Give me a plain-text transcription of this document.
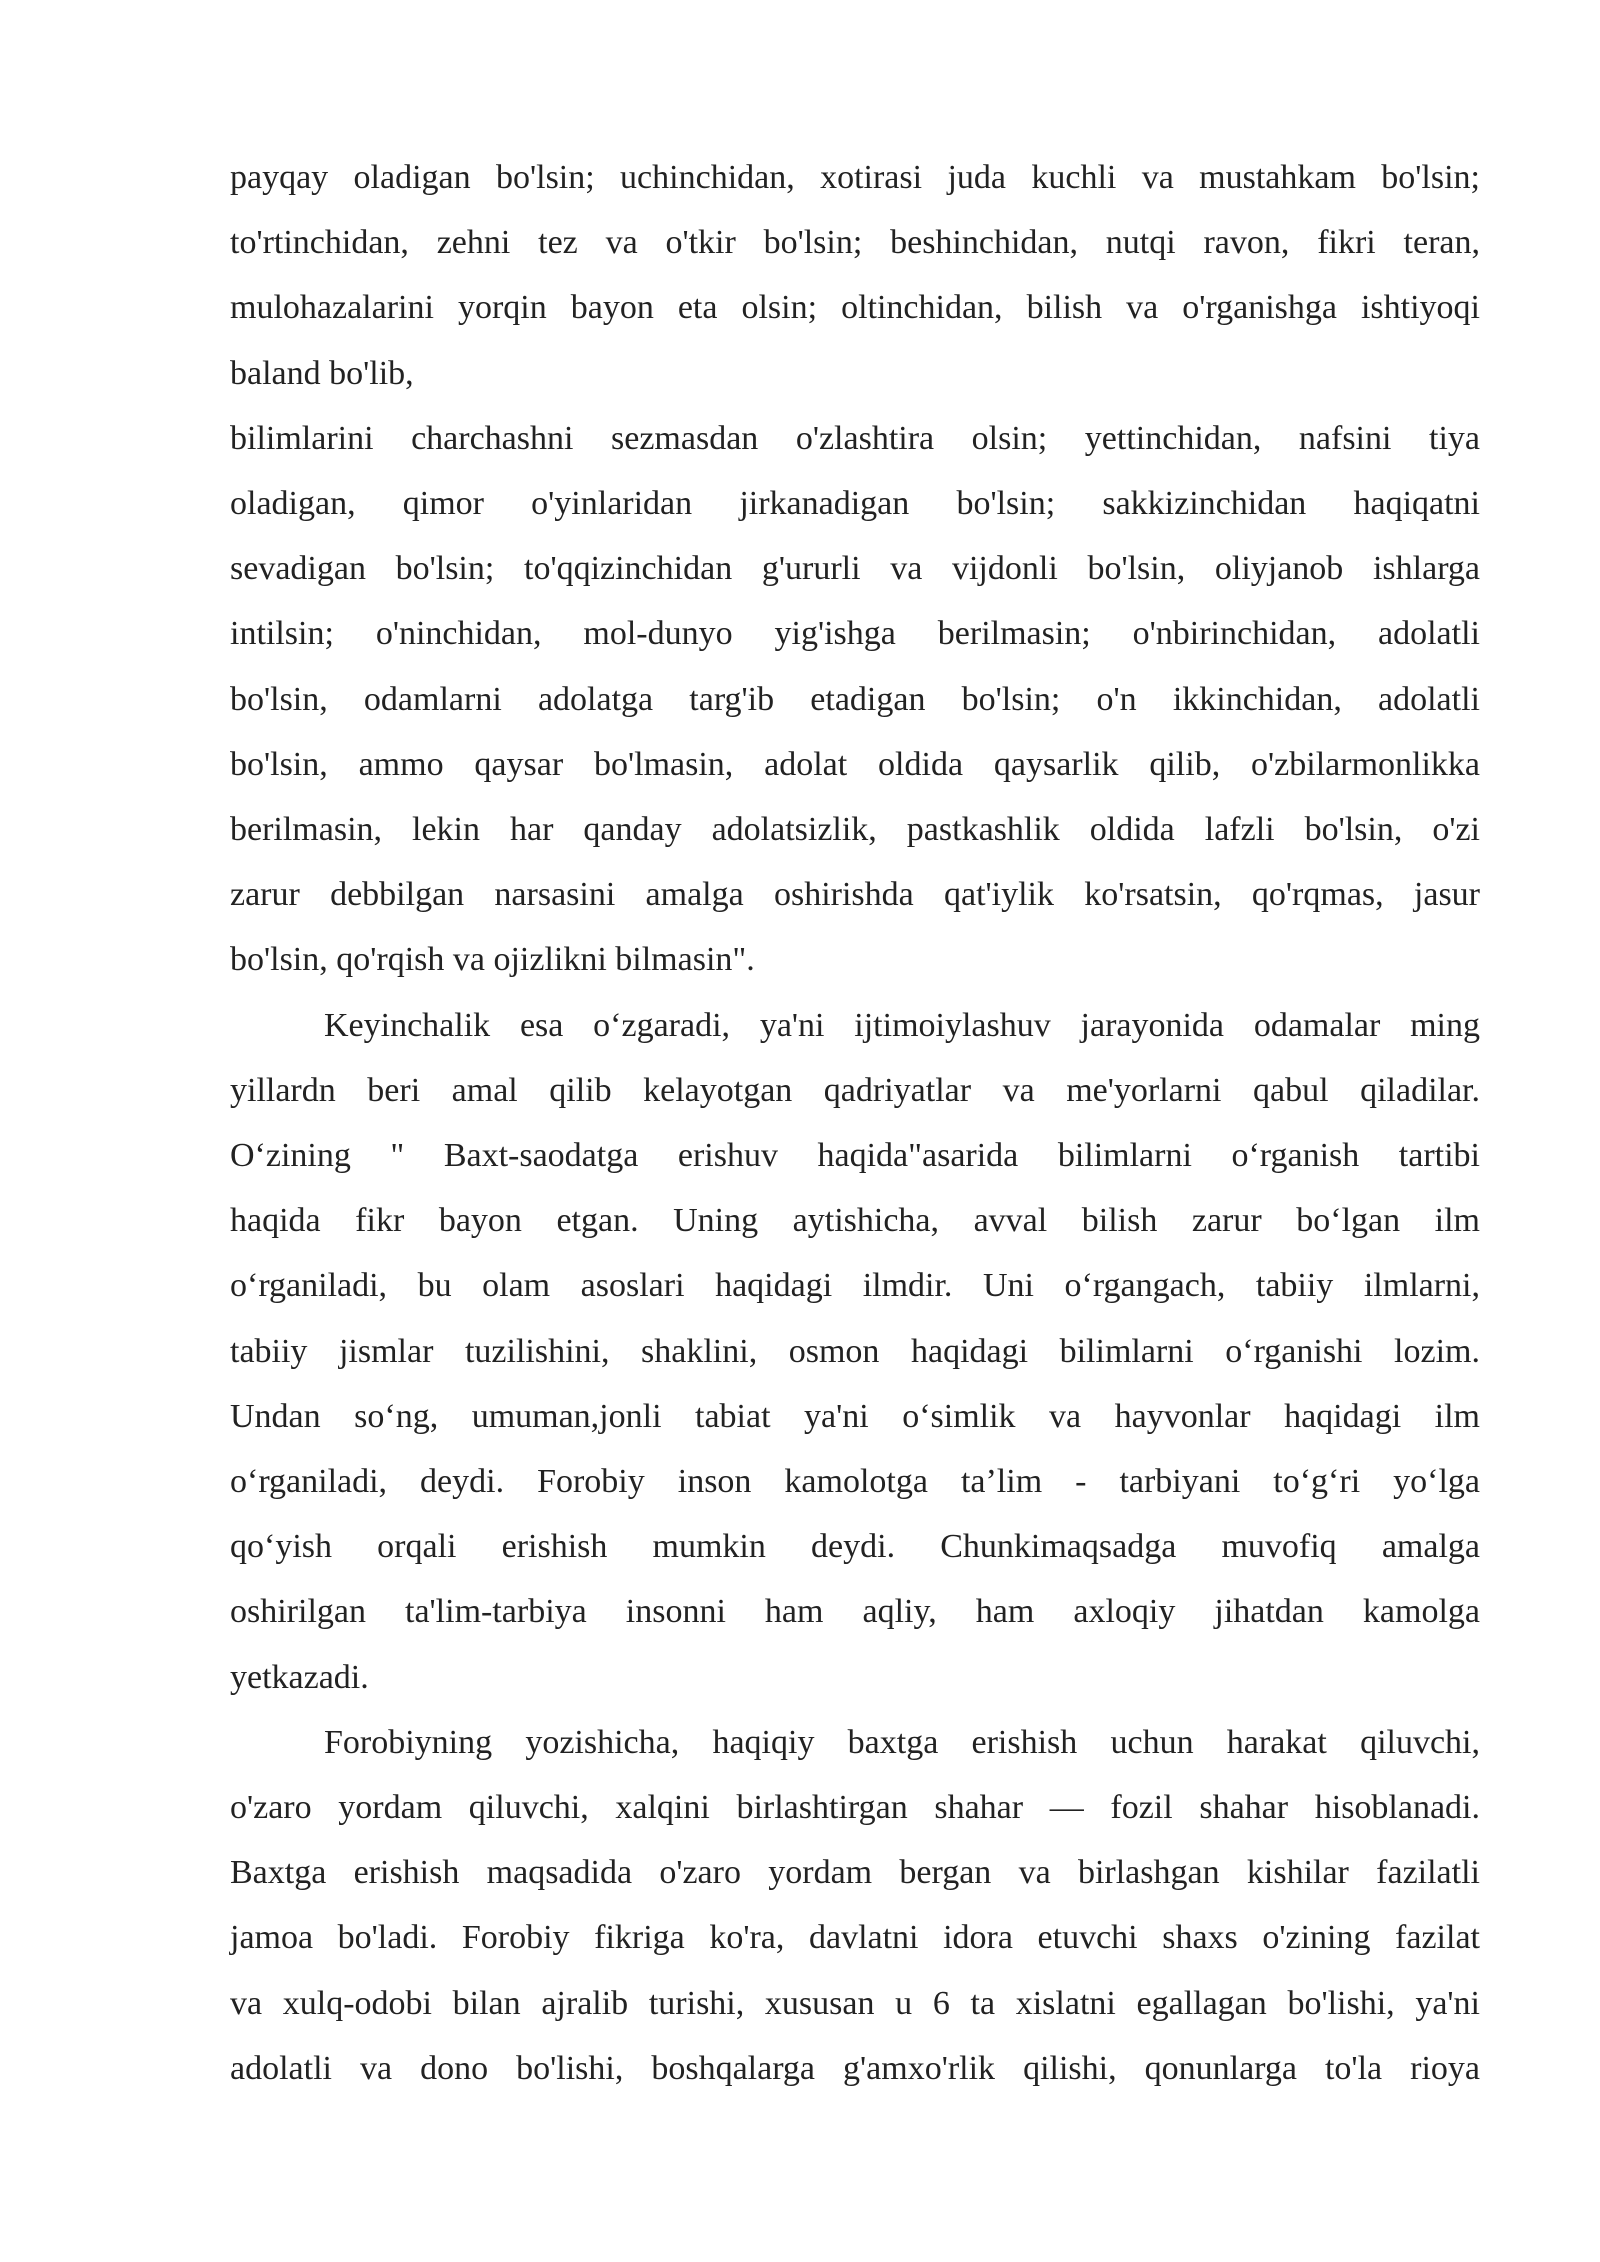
payqay oladigan bo'lsin; uchinchidan, xotirasi juda kuchli va mustahkam bo'lsin;
to'rtinchidan, zehni tez va o'tkir bo'lsin; beshinchidan, nutqi ravon, fikri teran,
mulohazalarini yorqin bayon eta olsin; oltinchidan, bilish va o'rganishga ishtiyoqi
baland bo'lib,
bilimlarini charchashni sezmasdan o'zlashtira olsin; yettinchidan, nafsini tiya
oladigan, qimor o'yinlaridan jirkanadigan bo'lsin; sakkizinchidan haqiqatni
sevadigan bo'lsin; to'qqizinchidan g'ururli va vijdonli bo'lsin, oliyjanob ishlarga
intilsin; o'ninchidan, mol-dunyo yig'ishga berilmasin; o'nbirinchidan, adolatli
bo'lsin, odamlarni adolatga targ'ib etadigan bo'lsin; o'n ikkinchidan, adolatli
bo'lsin, ammo qaysar bo'lmasin, adolat oldida qaysarlik qilib, o'zbilarmonlikka
berilmasin, lekin har qanday adolatsizlik, pastkashlik oldida lafzli bo'lsin, o'zi
zarur debbilgan narsasini amalga oshirishda qat'iylik ko'rsatsin, qo'rqmas, jasur
bo'lsin, qo'rqish va ojizlikni bilmasin".
Keyinchalik esa o‘zgaradi, ya'ni ijtimoiylashuv jarayonida odamalar ming
yillardn beri amal qilib kelayotgan qadriyatlar va me'yorlarni qabul qiladilar.
O‘zining " Baxt-saodatga erishuv haqida"asarida bilimlarni o‘rganish tartibi
haqida fikr bayon etgan. Uning aytishicha, avval bilish zarur bo‘lgan ilm
o‘rganiladi, bu olam asoslari haqidagi ilmdir. Uni o‘rgangach, tabiiy ilmlarni,
tabiiy jismlar tuzilishini, shaklini, osmon haqidagi bilimlarni o‘rganishi lozim.
Undan so‘ng, umuman,jonli tabiat ya'ni o‘simlik va hayvonlar haqidagi ilm
o‘rganiladi, deydi. Forobiy inson kamolotga ta’lim - tarbiyani to‘g‘ri yo‘lga
qo‘yish orqali erishish mumkin deydi. Chunkimaqsadga muvofiq amalga
oshirilgan ta'lim-tarbiya insonni ham aqliy, ham axloqiy jihatdan kamolga
yetkazadi.
Forobiyning yozishicha, haqiqiy baxtga erishish uchun harakat qiluvchi,
o'zaro yordam qiluvchi, xalqini birlashtirgan shahar — fozil shahar hisoblanadi.
Baxtga erishish maqsadida o'zaro yordam bergan va birlashgan kishilar fazilatli
jamoa bo'ladi. Forobiy fikriga ko'ra, davlatni idora etuvchi shaxs o'zining fazilat
va xulq-odobi bilan ajralib turishi, xususan u 6 ta xislatni egallagan bo'lishi, ya'ni
adolatli va dono bo'lishi, boshqalarga g'amxo'rlik qilishi, qonunlarga to'la rioya
